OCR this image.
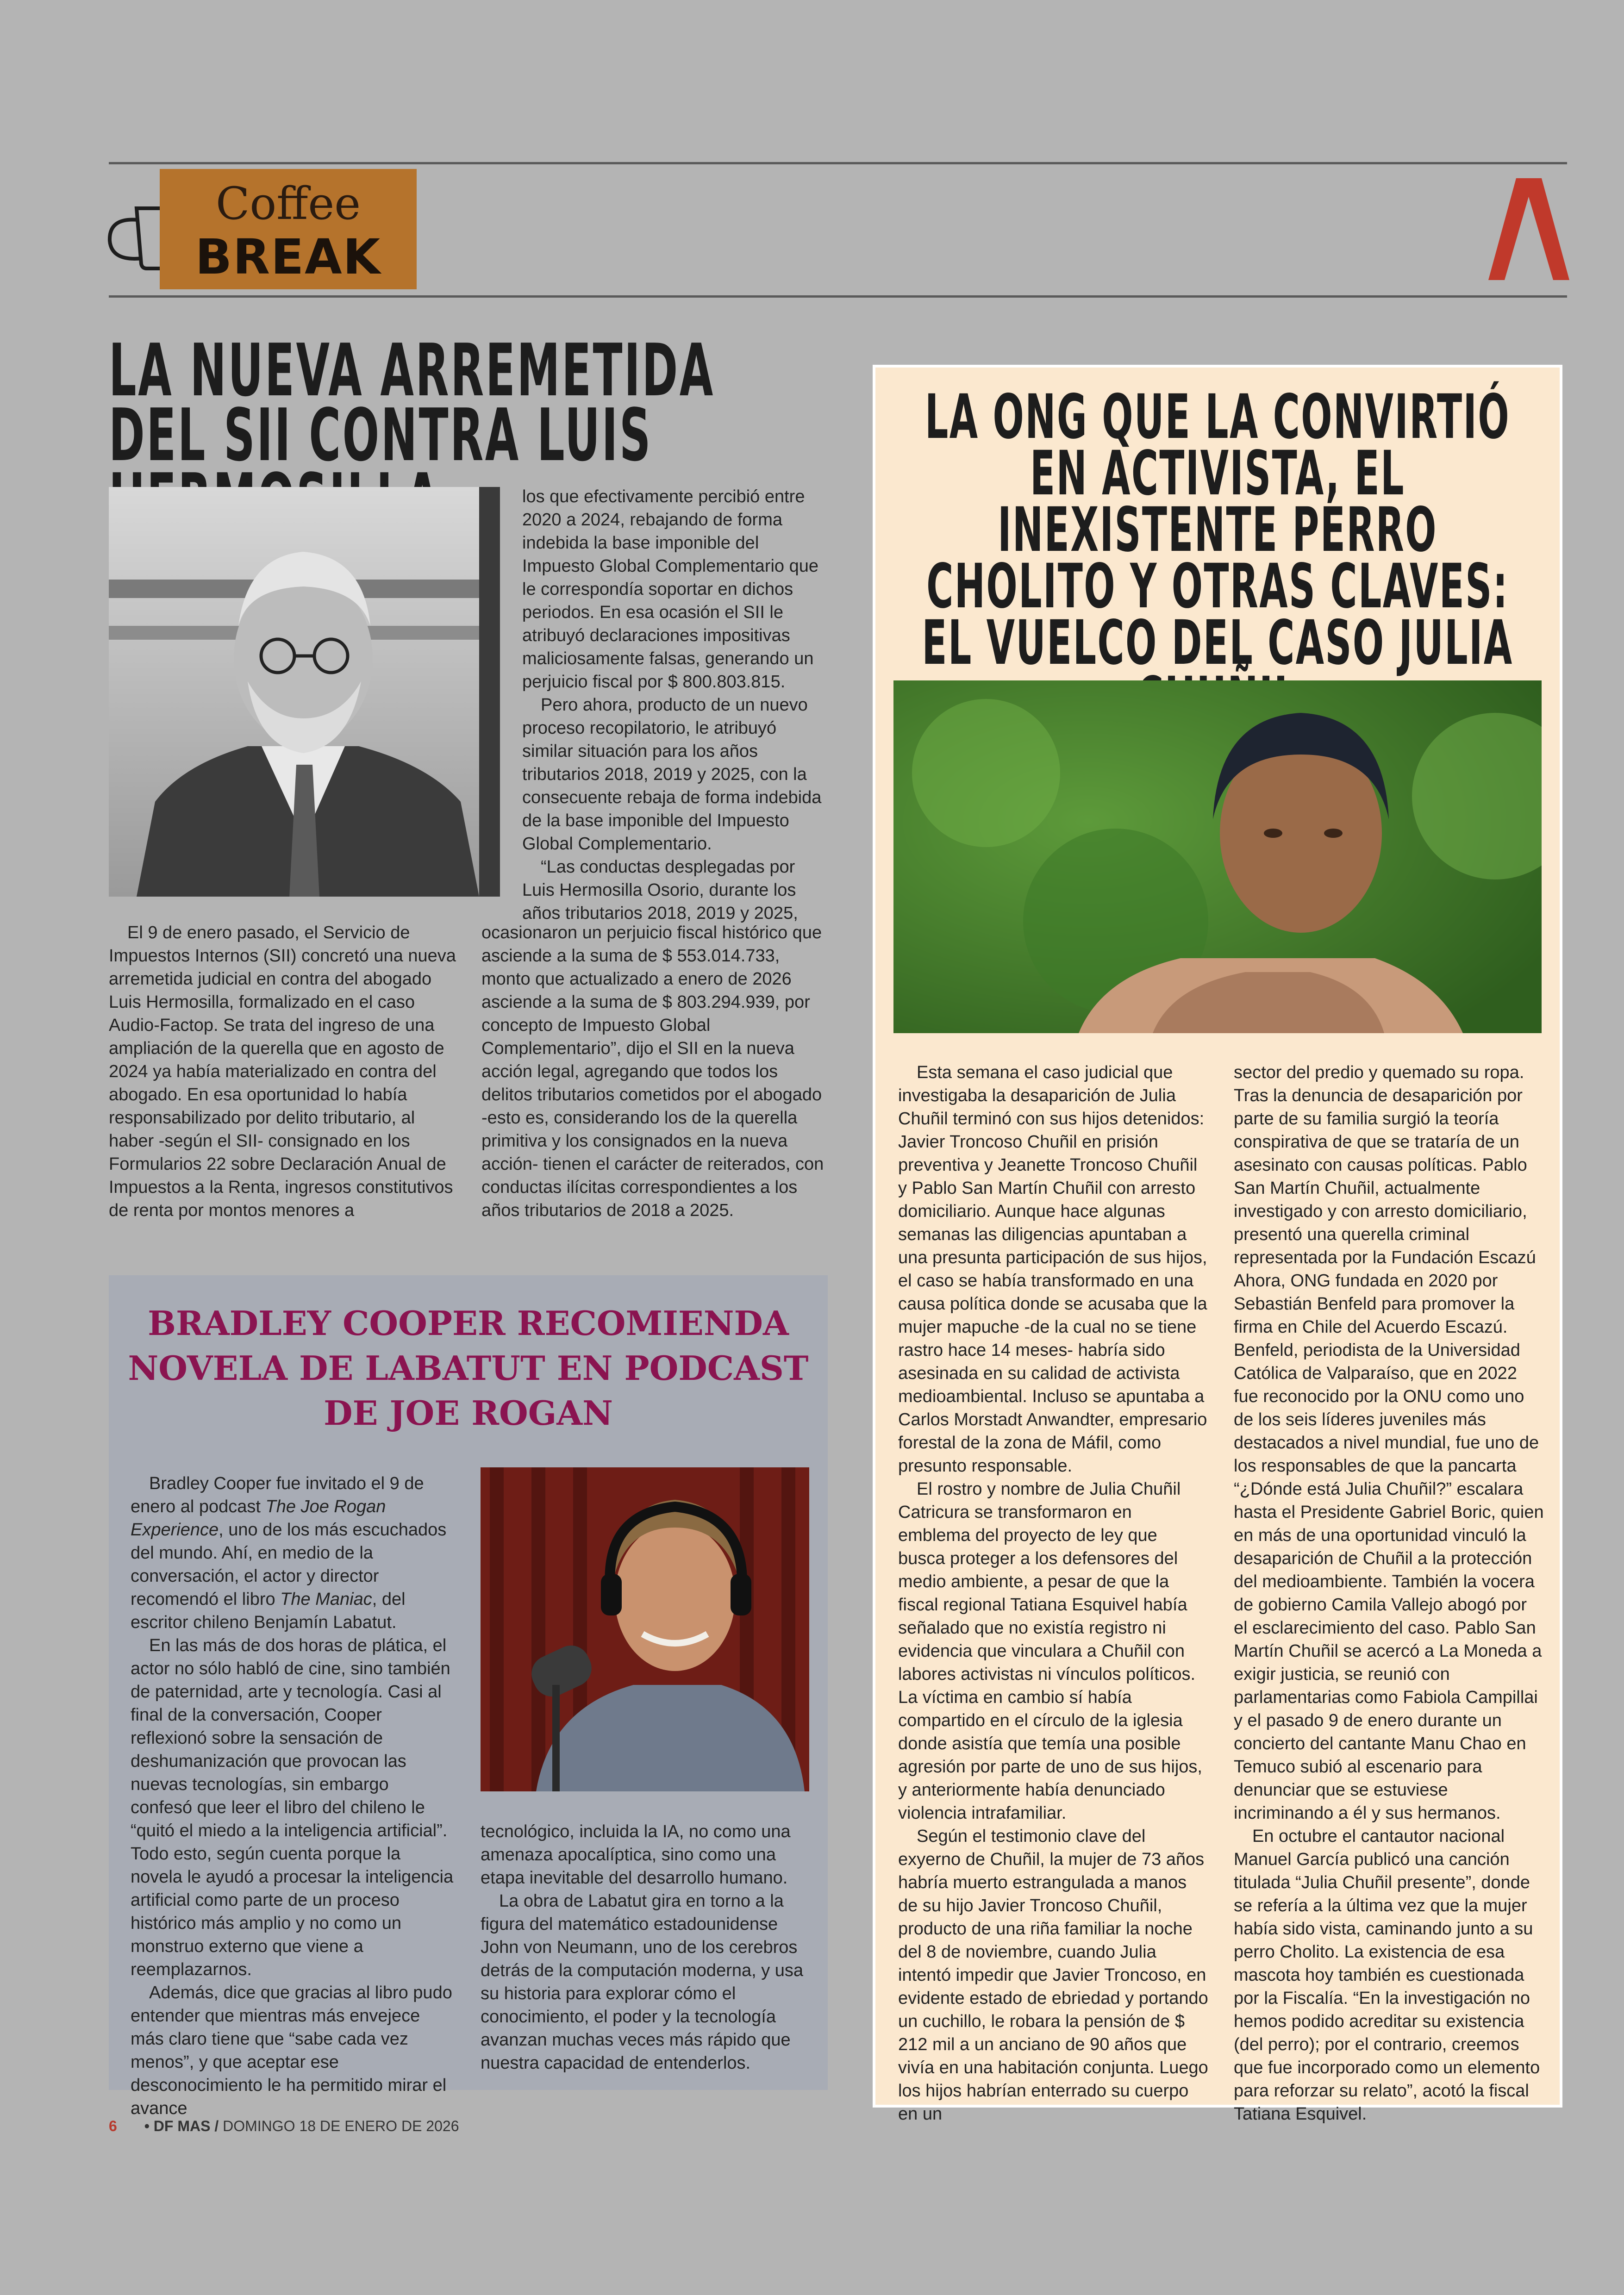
Coffee
BREAK
LA NUEVA ARREMETIDA DEL SII CONTRA LUIS

los que efectivamente percibió entre 2020 a 2024, rebajando de forma indebida la base imponible del Impuesto Global Complementario que le correspondía soportar en dichos periodos. En esa ocasión el SII le atribuyó declaraciones impositivas maliciosamente falsas, generando un perjuicio fiscal por $ 800.803.815.

Pero ahora, producto de un nuevo proceso recopilatorio, le atribuyó similar situación para los años tributarios 2018, 2019 y 2025, con la consecuente rebaja de forma indebida de la base imponible del Impuesto Global Complementario.

“Las conductas desplegadas por Luis Hermosilla Osorio, durante los años tributarios 2018, 2019 y 2025,

El 9 de enero pasado, el Servicio de Impuestos Internos (SII) concretó una nueva arremetida judicial en contra del abogado Luis Hermosilla, formalizado en el caso Audio-Factop. Se trata del ingreso de una ampliación de la querella que en agosto de 2024 ya había materializado en contra del abogado. En esa oportunidad lo había responsabilizado por delito tributario, al haber -según el SII- consignado en los Formularios 22 sobre Declaración Anual de Impuestos a la Renta, ingresos constitutivos de renta por montos menores a

ocasionaron un perjuicio fiscal histórico que asciende a la suma de $ 553.014.733, monto que actualizado a enero de 2026 asciende a la suma de $ 803.294.939, por concepto de Impuesto Global Complementario”, dijo el SII en la nueva acción legal, agregando que todos los delitos tributarios cometidos por el abogado -esto es, considerando los de la querella primitiva y los consignados en la nueva acción- tienen el carácter de reiterados, con conductas ilícitas correspondientes a los años tributarios de 2018 a 2025.

LA ONG QUE LA CONVIRTIÓ EN ACTIVISTA, EL INEXISTENTE PERRO CHOLITO Y OTRAS CLAVES: EL VUELCO DEL CASO JULIA

Esta semana el caso judicial que investigaba la desaparición de Julia Chuñil terminó con sus hijos detenidos: Javier Troncoso Chuñil en prisión preventiva y Jeanette Troncoso Chuñil y Pablo San Martín Chuñil con arresto domiciliario. Aunque hace algunas semanas las diligencias apuntaban a una presunta participación de sus hijos, el caso se había transformado en una causa política donde se acusaba que la mujer mapuche -de la cual no se tiene rastro hace 14 meses- habría sido asesinada en su calidad de activista medioambiental. Incluso se apuntaba a Carlos Morstadt Anwandter, empresario forestal de la zona de Máfil, como presunto responsable.

El rostro y nombre de Julia Chuñil Catricura se transformaron en emblema del proyecto de ley que busca proteger a los defensores del medio ambiente, a pesar de que la fiscal regional Tatiana Esquivel había señalado que no existía registro ni evidencia que vinculara a Chuñil con labores activistas ni vínculos políticos. La víctima en cambio sí había compartido en el círculo de la iglesia donde asistía que temía una posible agresión por parte de uno de sus hijos, y anteriormente había denunciado violencia intrafamiliar.

Según el testimonio clave del exyerno de Chuñil, la mujer de 73 años habría muerto estrangulada a manos de su hijo Javier Troncoso Chuñil, producto de una riña familiar la noche del 8 de noviembre, cuando Julia intentó impedir que Javier Troncoso, en evidente estado de ebriedad y portando un cuchillo, le robara la pensión de $ 212 mil a un anciano de 90 años que vivía en una habitación conjunta. Luego los hijos habrían enterrado su cuerpo en un

sector del predio y quemado su ropa. Tras la denuncia de desaparición por parte de su familia surgió la teoría conspirativa de que se trataría de un asesinato con causas políticas. Pablo San Martín Chuñil, actualmente investigado y con arresto domiciliario, presentó una querella criminal representada por la Fundación Escazú Ahora, ONG fundada en 2020 por Sebastián Benfeld para promover la firma en Chile del Acuerdo Escazú. Benfeld, periodista de la Universidad Católica de Valparaíso, que en 2022 fue reconocido por la ONU como uno de los seis líderes juveniles más destacados a nivel mundial, fue uno de los responsables de que la pancarta “¿Dónde está Julia Chuñil?” escalara hasta el Presidente Gabriel Boric, quien en más de una oportunidad vinculó la desaparición de Chuñil a la protección del medioambiente. También la vocera de gobierno Camila Vallejo abogó por el esclarecimiento del caso. Pablo San Martín Chuñil se acercó a La Moneda a exigir justicia, se reunió con parlamentarias como Fabiola Campillai y el pasado 9 de enero durante un concierto del cantante Manu Chao en Temuco subió al escenario para denunciar que se estuviese incriminando a él y sus hermanos.

En octubre el cantautor nacional Manuel García publicó una canción titulada “Julia Chuñil presente”, donde se refería a la última vez que la mujer había sido vista, caminando junto a su perro Cholito. La existencia de esa mascota hoy también es cuestionada por la Fiscalía. “En la investigación no hemos podido acreditar su existencia (del perro); por el contrario, creemos que fue incorporado como un elemento para reforzar su relato”, acotó la fiscal Tatiana Esquivel.

BRADLEY COOPER RECOMIENDA NOVELA DE LABATUT EN PODCAST DE JOE ROGAN

Bradley Cooper fue invitado el 9 de enero al podcast The Joe Rogan Experience, uno de los más escuchados del mundo. Ahí, en medio de la conversación, el actor y director recomendó el libro The Maniac, del escritor chileno Benjamín Labatut.

En las más de dos horas de plática, el actor no sólo habló de cine, sino también de paternidad, arte y tecnología. Casi al final de la conversación, Cooper reflexionó sobre la sensación de deshumanización que provocan las nuevas tecnologías, sin embargo confesó que leer el libro del chileno le “quitó el miedo a la inteligencia artificial”. Todo esto, según cuenta porque la novela le ayudó a procesar la inteligencia artificial como parte de un proceso histórico más amplio y no como un monstruo externo que viene a reemplazarnos.

Además, dice que gracias al libro pudo entender que mientras más envejece más claro tiene que “sabe cada vez menos”, y que aceptar ese desconocimiento le ha permitido mirar el avance

tecnológico, incluida la IA, no como una amenaza apocalíptica, sino como una etapa inevitable del desarrollo humano.

La obra de Labatut gira en torno a la figura del matemático estadounidense John von Neumann, uno de los cerebros detrás de la computación moderna, y usa su historia para explorar cómo el conocimiento, el poder y la tecnología avanzan muchas veces más rápido que nuestra capacidad de entenderlos.

6 • DF MAS / DOMINGO 18 DE ENERO DE 2026
